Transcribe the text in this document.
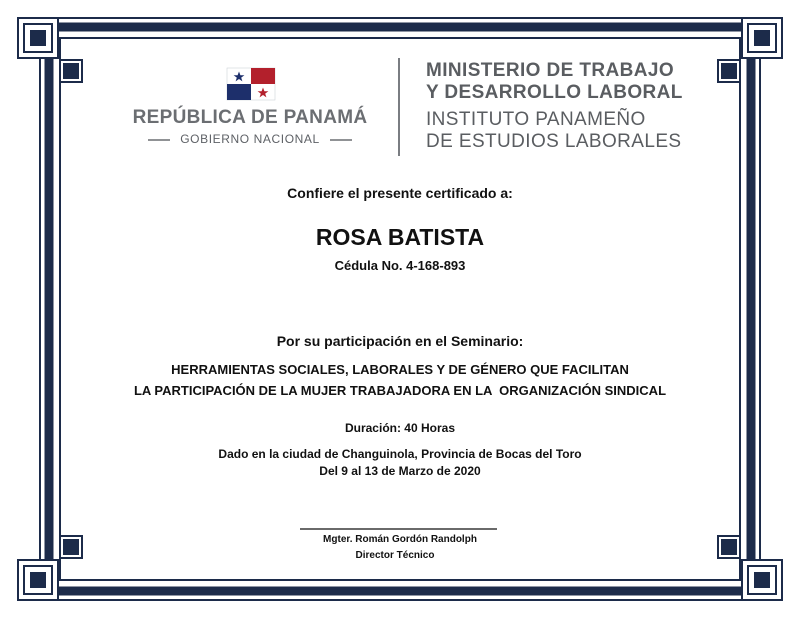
REPÚBLICA DE PANAMÁ
GOBIERNO NACIONAL
MINISTERIO DE TRABAJO
Y DESARROLLO LABORAL
INSTITUTO PANAMEÑO
DE ESTUDIOS LABORALES
Confiere el presente certificado a:
ROSA BATISTA
Cédula No. 4-168-893
Por su participación en el Seminario:
HERRAMIENTAS SOCIALES, LABORALES Y DE GÉNERO QUE FACILITAN
LA PARTICIPACIÓN DE LA MUJER TRABAJADORA EN LA  ORGANIZACIÓN SINDICAL
Duración: 40 Horas
Dado en la ciudad de Changuinola, Provincia de Bocas del Toro
Del 9 al 13 de Marzo de 2020
Mgter. Román Gordón Randolph
Director Técnico
